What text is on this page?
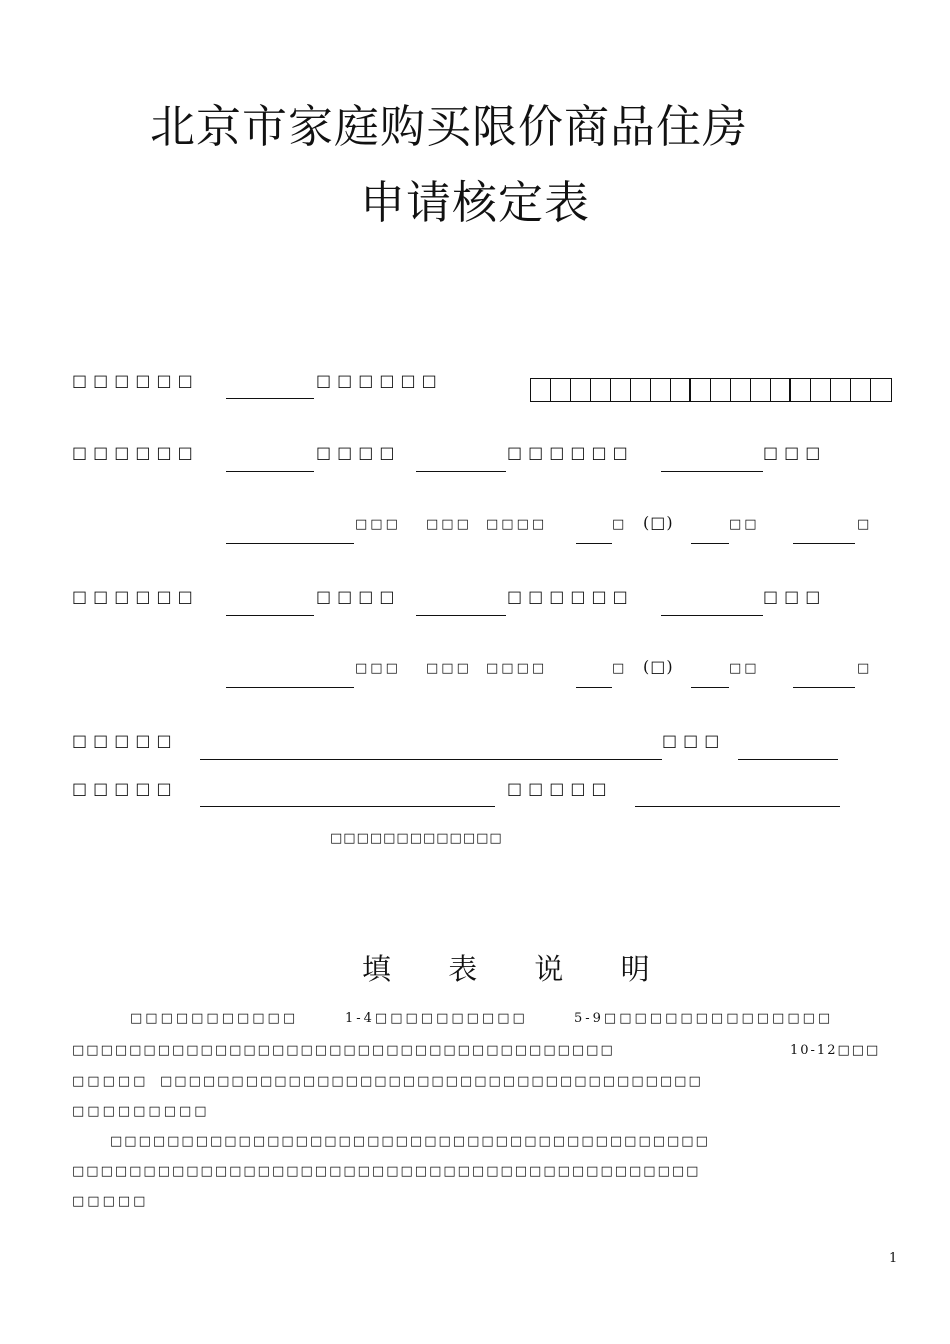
北京市家庭购买限价商品住房
申请核定表
□□□□□□	□□□□□□
□□□□□□	□□□□	□□□□□□	□□□
□□□ □□□ □□□□	□ (□)	□□	□
□□□□□□	□□□□	□□□□□□	□□□
□□□ □□□ □□□□	□ (□)	□□	□
□□□□□	□□□
□□□□□	□□□□□
□□□□□□□□□□□□□
填 表 说 明
□□□□□□□□□□□	1-4□□□□□□□□□□	5-9□□□□□□□□□□□□□□□
□□□□□□□□□□□□□□□□□□□□□□□□□□□□□□□□□□□□□□	10-12□□□
□□□□□ □□□□□□□□□□□□□□□□□□□□□□□□□□□□□□□□□□□□□□
□□□□□□□□□
□□□□□□□□□□□□□□□□□□□□□□□□□□□□□□□□□□□□□□□□□□
□□□□□□□□□□□□□□□□□□□□□□□□□□□□□□□□□□□□□□□□□□□□
□□□□□
1
